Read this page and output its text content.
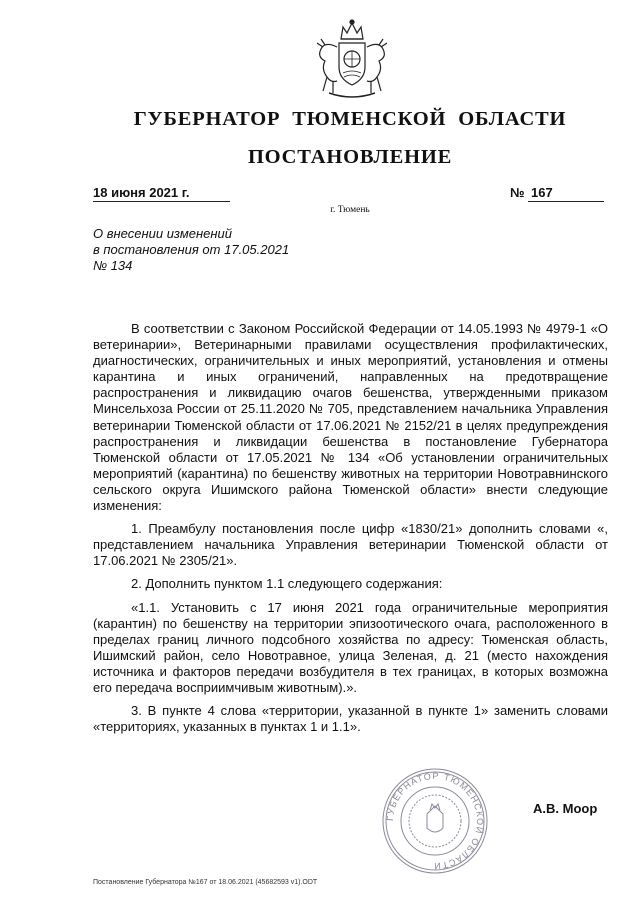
ГУБЕРНАТОР ТЮМЕНСКОЙ ОБЛАСТИ
ПОСТАНОВЛЕНИЕ
18 июня 2021 г.	№ 167
г. Тюмень
О внесении изменений
в постановления от 17.05.2021
№ 134

В соответствии с Законом Российской Федерации от 14.05.1993 № 4979-1 «О ветеринарии», Ветеринарными правилами осуществления профилактических, диагностических, ограничительных и иных мероприятий, установления и отмены карантина и иных ограничений, направленных на предотвращение распространения и ликвидацию очагов бешенства, утвержденными приказом Минсельхоза России от 25.11.2020 № 705, представлением начальника Управления ветеринарии Тюменской области от 17.06.2021 № 2152/21 в целях предупреждения распространения и ликвидации бешенства в постановление Губернатора Тюменской области от 17.05.2021 № 134 «Об установлении ограничительных мероприятий (карантина) по бешенству животных на территории Новотравнинского сельского округа Ишимского района Тюменской области» внести следующие изменения:

1. Преамбулу постановления после цифр «1830/21» дополнить словами «, представлением начальника Управления ветеринарии Тюменской области от 17.06.2021 № 2305/21».

2. Дополнить пунктом 1.1 следующего содержания:

«1.1. Установить с 17 июня 2021 года ограничительные мероприятия (карантин) по бешенству на территории эпизоотического очага, расположенного в пределах границ личного подсобного хозяйства по адресу: Тюменская область, Ишимский район, село Новотравное, улица Зеленая, д. 21 (место нахождения источника и факторов передачи возбудителя в тех границах, в которых возможна его передача восприимчивым животным).».

3. В пункте 4 слова «территории, указанной в пункте 1» заменить словами «территориях, указанных в пунктах 1 и 1.1».

ГУБЕРНАТОР ТЮМЕНСКОЙ ОБЛАСТИ
А.В. Моор
Постановление Губернатора №167 от 18.06.2021 (45682593 v1).ODT
